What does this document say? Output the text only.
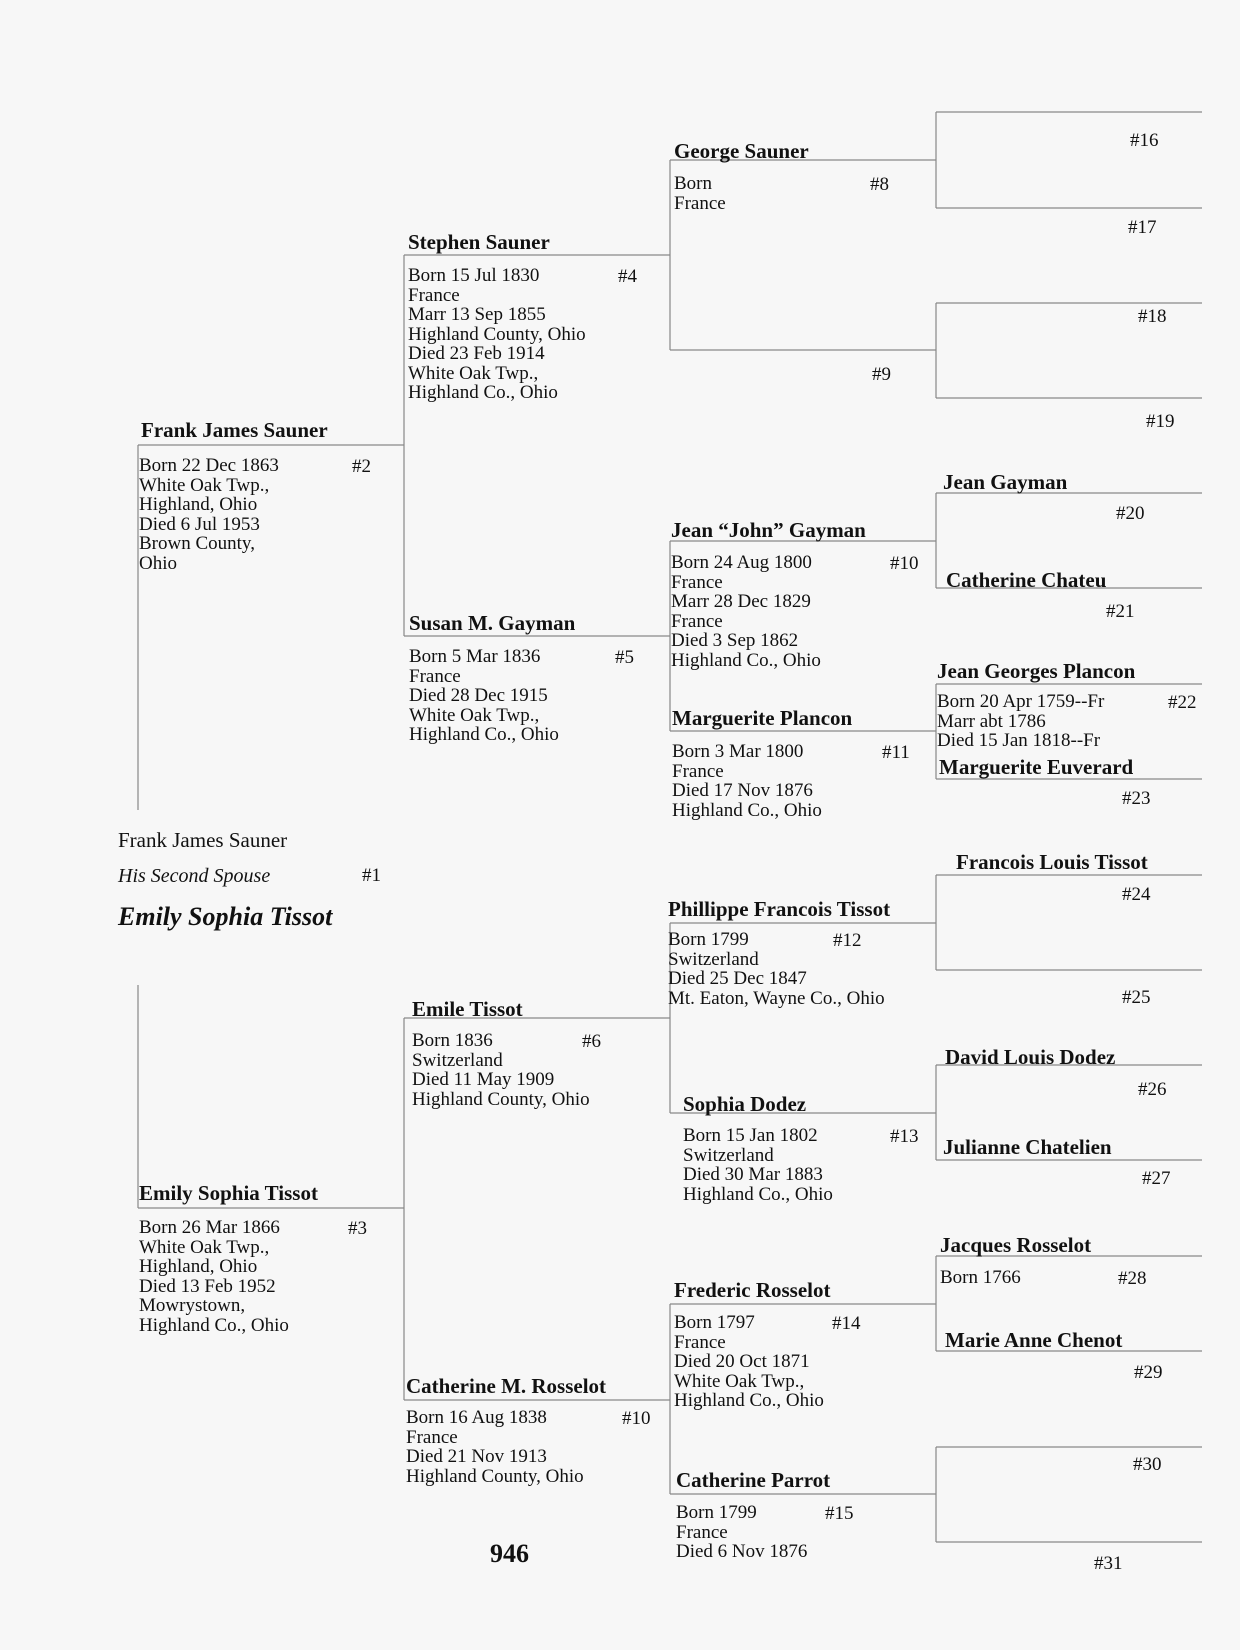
Frank James Sauner
His Second Spouse	#1
Emily Sophia Tissot
Frank James Sauner
Born 22 Dec 1863
White Oak Twp.,
Highland, Ohio
Died 6 Jul 1953
Brown County,
Ohio
#2
Emily Sophia Tissot
Born 26 Mar 1866
White Oak Twp.,
Highland, Ohio
Died 13 Feb 1952
Mowrystown,
Highland Co., Ohio
#3
Stephen Sauner
Born 15 Jul 1830
France
Marr 13 Sep 1855
Highland County, Ohio
Died 23 Feb 1914
White Oak Twp.,
Highland Co., Ohio
#4
Susan M. Gayman
Born 5 Mar 1836
France
Died 28 Dec 1915
White Oak Twp.,
Highland Co., Ohio
#5
Emile Tissot
Born 1836
Switzerland
Died 11 May 1909
Highland County, Ohio
#6
Catherine M. Rosselot
Born 16 Aug 1838
France
Died 21 Nov 1913
Highland County, Ohio
#10
George Sauner
Born
France
#8
#9
Jean “John” Gayman
Born 24 Aug 1800
France
Marr 28 Dec 1829
France
Died 3 Sep 1862
Highland Co., Ohio
#10
Marguerite Plancon
Born 3 Mar 1800
France
Died 17 Nov 1876
Highland Co., Ohio
#11
Phillippe Francois Tissot
Born 1799
Switzerland
Died 25 Dec 1847
Mt. Eaton, Wayne Co., Ohio
#12
Sophia Dodez
Born 15 Jan 1802
Switzerland
Died 30 Mar 1883
Highland Co., Ohio
#13
Frederic Rosselot
Born 1797
France
Died 20 Oct 1871
White Oak Twp.,
Highland Co., Ohio
#14
Catherine Parrot
Born 1799
France
Died 6 Nov 1876
#15
#16
#17
#18
#19
Jean Gayman
#20
Catherine Chateu
#21
Jean Georges Plancon
Born 20 Apr 1759--Fr
Marr abt 1786
Died 15 Jan 1818--Fr
#22
Marguerite Euverard
#23
Francois Louis Tissot
#24
#25
David Louis Dodez
#26
Julianne Chatelien
#27
Jacques Rosselot
Born 1766	#28
Marie Anne Chenot
#29
#30
#31
946
